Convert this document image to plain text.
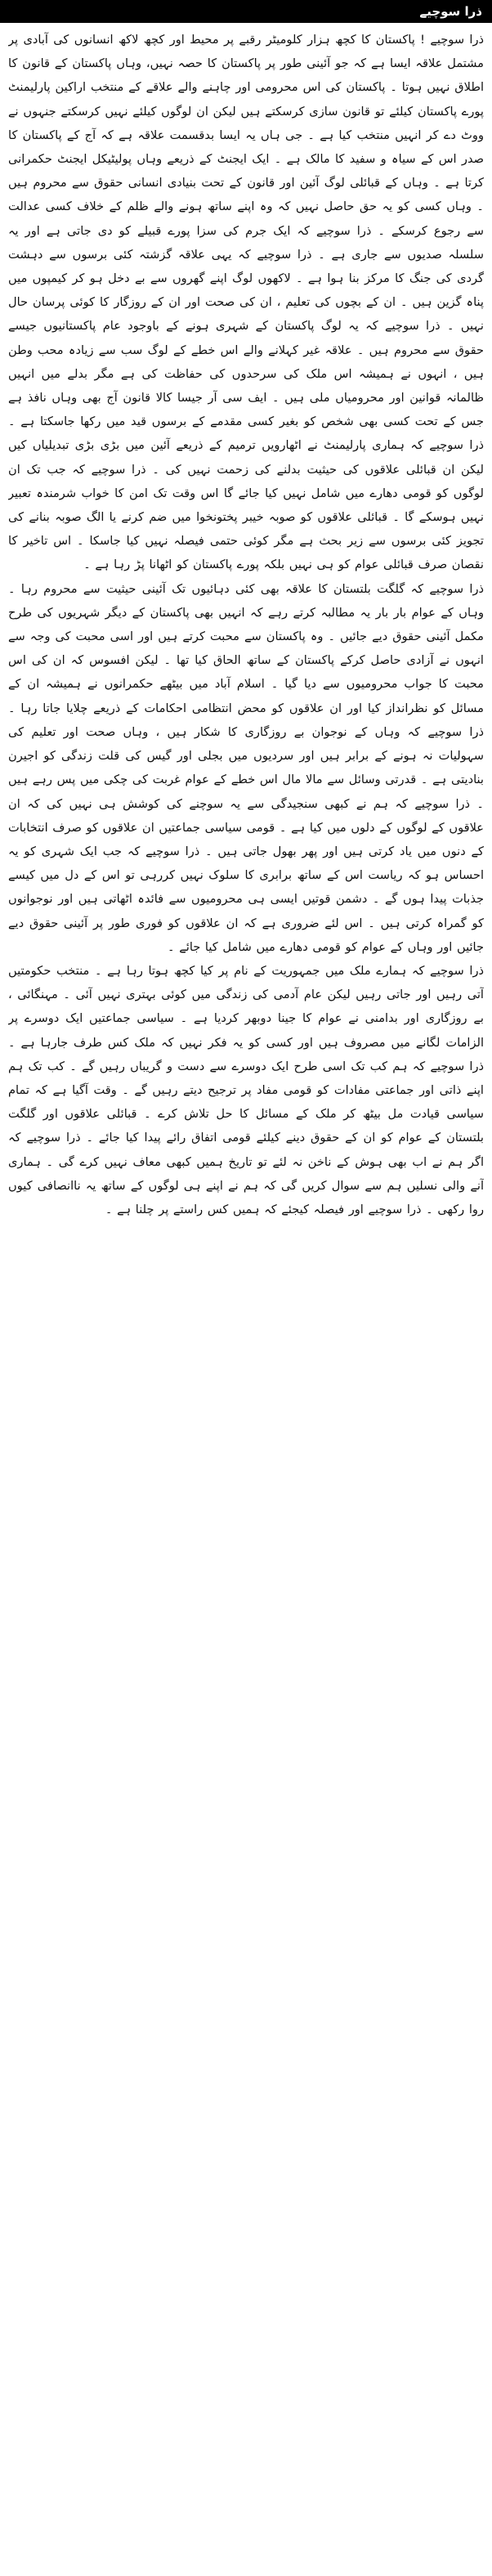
ذرا سوچیے

ذرا سوچیے ! پاکستان کا کچھ ہزار کلومیٹر رقبے پر محیط اور کچھ لاکھ انسانوں کی آبادی پر مشتمل علاقہ ایسا ہے کہ جو آئینی طور پر پاکستان کا حصہ نہیں، وہاں پاکستان کے قانون کا اطلاق نہیں ہوتا ۔ پاکستان کی اس محرومی اور چاہنے والے علاقے کے منتخب اراکین پارلیمنٹ پورے پاکستان کیلئے تو قانون سازی کرسکتے ہیں لیکن ان لوگوں کیلئے نہیں کرسکتے جنہوں نے ووٹ دے کر انہیں منتخب کیا ہے ۔ جی ہاں یہ ایسا بدقسمت علاقہ ہے کہ آج کے پاکستان کا صدر اس کے سیاہ و سفید کا مالک ہے ۔ ایک ایجنٹ کے ذریعے وہاں پولیٹیکل ایجنٹ حکمرانی کرتا ہے ۔ وہاں کے قبائلی لوگ آئین اور قانون کے تحت بنیادی انسانی حقوق سے محروم ہیں ۔ وہاں کسی کو یہ حق حاصل نہیں کہ وہ اپنے ساتھ ہونے والے ظلم کے خلاف کسی عدالت سے رجوع کرسکے ۔ ذرا سوچیے کہ ایک جرم کی سزا پورے قبیلے کو دی جاتی ہے اور یہ سلسلہ صدیوں سے جاری ہے ۔ ذرا سوچیے کہ یہی علاقہ گزشتہ کئی برسوں سے دہشت گردی کی جنگ کا مرکز بنا ہوا ہے ۔ لاکھوں لوگ اپنے گھروں سے بے دخل ہو کر کیمپوں میں پناہ گزین ہیں ۔ ان کے بچوں کی تعلیم ، ان کی صحت اور ان کے روزگار کا کوئی پرسان حال نہیں ۔ ذرا سوچیے کہ یہ لوگ پاکستان کے شہری ہونے کے باوجود عام پاکستانیوں جیسے حقوق سے محروم ہیں ۔ علاقہ غیر کہلانے والے اس خطے کے لوگ سب سے زیادہ محب وطن ہیں ، انہوں نے ہمیشہ اس ملک کی سرحدوں کی حفاظت کی ہے مگر بدلے میں انہیں ظالمانہ قوانین اور محرومیاں ملی ہیں ۔ ایف سی آر جیسا کالا قانون آج بھی وہاں نافذ ہے جس کے تحت کسی بھی شخص کو بغیر کسی مقدمے کے برسوں قید میں رکھا جاسکتا ہے ۔ ذرا سوچیے کہ ہماری پارلیمنٹ نے اٹھارویں ترمیم کے ذریعے آئین میں بڑی بڑی تبدیلیاں کیں لیکن ان قبائلی علاقوں کی حیثیت بدلنے کی زحمت نہیں کی ۔ ذرا سوچیے کہ جب تک ان لوگوں کو قومی دھارے میں شامل نہیں کیا جائے گا اس وقت تک امن کا خواب شرمندہ تعبیر نہیں ہوسکے گا ۔ قبائلی علاقوں کو صوبہ خیبر پختونخوا میں ضم کرنے یا الگ صوبہ بنانے کی تجویز کئی برسوں سے زیر بحث ہے مگر کوئی حتمی فیصلہ نہیں کیا جاسکا ۔ اس تاخیر کا نقصان صرف قبائلی عوام کو ہی نہیں بلکہ پورے پاکستان کو اٹھانا پڑ رہا ہے ۔

ذرا سوچیے کہ گلگت بلتستان کا علاقہ بھی کئی دہائیوں تک آئینی حیثیت سے محروم رہا ۔ وہاں کے عوام بار بار یہ مطالبہ کرتے رہے کہ انہیں بھی پاکستان کے دیگر شہریوں کی طرح مکمل آئینی حقوق دیے جائیں ۔ وہ پاکستان سے محبت کرتے ہیں اور اسی محبت کی وجہ سے انہوں نے آزادی حاصل کرکے پاکستان کے ساتھ الحاق کیا تھا ۔ لیکن افسوس کہ ان کی اس محبت کا جواب محرومیوں سے دیا گیا ۔ اسلام آباد میں بیٹھے حکمرانوں نے ہمیشہ ان کے مسائل کو نظرانداز کیا اور ان علاقوں کو محض انتظامی احکامات کے ذریعے چلایا جاتا رہا ۔ ذرا سوچیے کہ وہاں کے نوجوان بے روزگاری کا شکار ہیں ، وہاں صحت اور تعلیم کی سہولیات نہ ہونے کے برابر ہیں اور سردیوں میں بجلی اور گیس کی قلت زندگی کو اجیرن بنادیتی ہے ۔ قدرتی وسائل سے مالا مال اس خطے کے عوام غربت کی چکی میں پس رہے ہیں ۔ ذرا سوچیے کہ ہم نے کبھی سنجیدگی سے یہ سوچنے کی کوشش ہی نہیں کی کہ ان علاقوں کے لوگوں کے دلوں میں کیا ہے ۔ قومی سیاسی جماعتیں ان علاقوں کو صرف انتخابات کے دنوں میں یاد کرتی ہیں اور پھر بھول جاتی ہیں ۔ ذرا سوچیے کہ جب ایک شہری کو یہ احساس ہو کہ ریاست اس کے ساتھ برابری کا سلوک نہیں کررہی تو اس کے دل میں کیسے جذبات پیدا ہوں گے ۔ دشمن قوتیں ایسی ہی محرومیوں سے فائدہ اٹھاتی ہیں اور نوجوانوں کو گمراہ کرتی ہیں ۔ اس لئے ضروری ہے کہ ان علاقوں کو فوری طور پر آئینی حقوق دیے جائیں اور وہاں کے عوام کو قومی دھارے میں شامل کیا جائے ۔

ذرا سوچیے کہ ہمارے ملک میں جمہوریت کے نام پر کیا کچھ ہوتا رہا ہے ۔ منتخب حکومتیں آتی رہیں اور جاتی رہیں لیکن عام آدمی کی زندگی میں کوئی بہتری نہیں آئی ۔ مہنگائی ، بے روزگاری اور بدامنی نے عوام کا جینا دوبھر کردیا ہے ۔ سیاسی جماعتیں ایک دوسرے پر الزامات لگانے میں مصروف ہیں اور کسی کو یہ فکر نہیں کہ ملک کس طرف جارہا ہے ۔ ذرا سوچیے کہ ہم کب تک اسی طرح ایک دوسرے سے دست و گریباں رہیں گے ۔ کب تک ہم اپنے ذاتی اور جماعتی مفادات کو قومی مفاد پر ترجیح دیتے رہیں گے ۔ وقت آگیا ہے کہ تمام سیاسی قیادت مل بیٹھ کر ملک کے مسائل کا حل تلاش کرے ۔ قبائلی علاقوں اور گلگت بلتستان کے عوام کو ان کے حقوق دینے کیلئے قومی اتفاق رائے پیدا کیا جائے ۔ ذرا سوچیے کہ اگر ہم نے اب بھی ہوش کے ناخن نہ لئے تو تاریخ ہمیں کبھی معاف نہیں کرے گی ۔ ہماری آنے والی نسلیں ہم سے سوال کریں گی کہ ہم نے اپنے ہی لوگوں کے ساتھ یہ ناانصافی کیوں روا رکھی ۔ ذرا سوچیے اور فیصلہ کیجئے کہ ہمیں کس راستے پر چلنا ہے ۔
